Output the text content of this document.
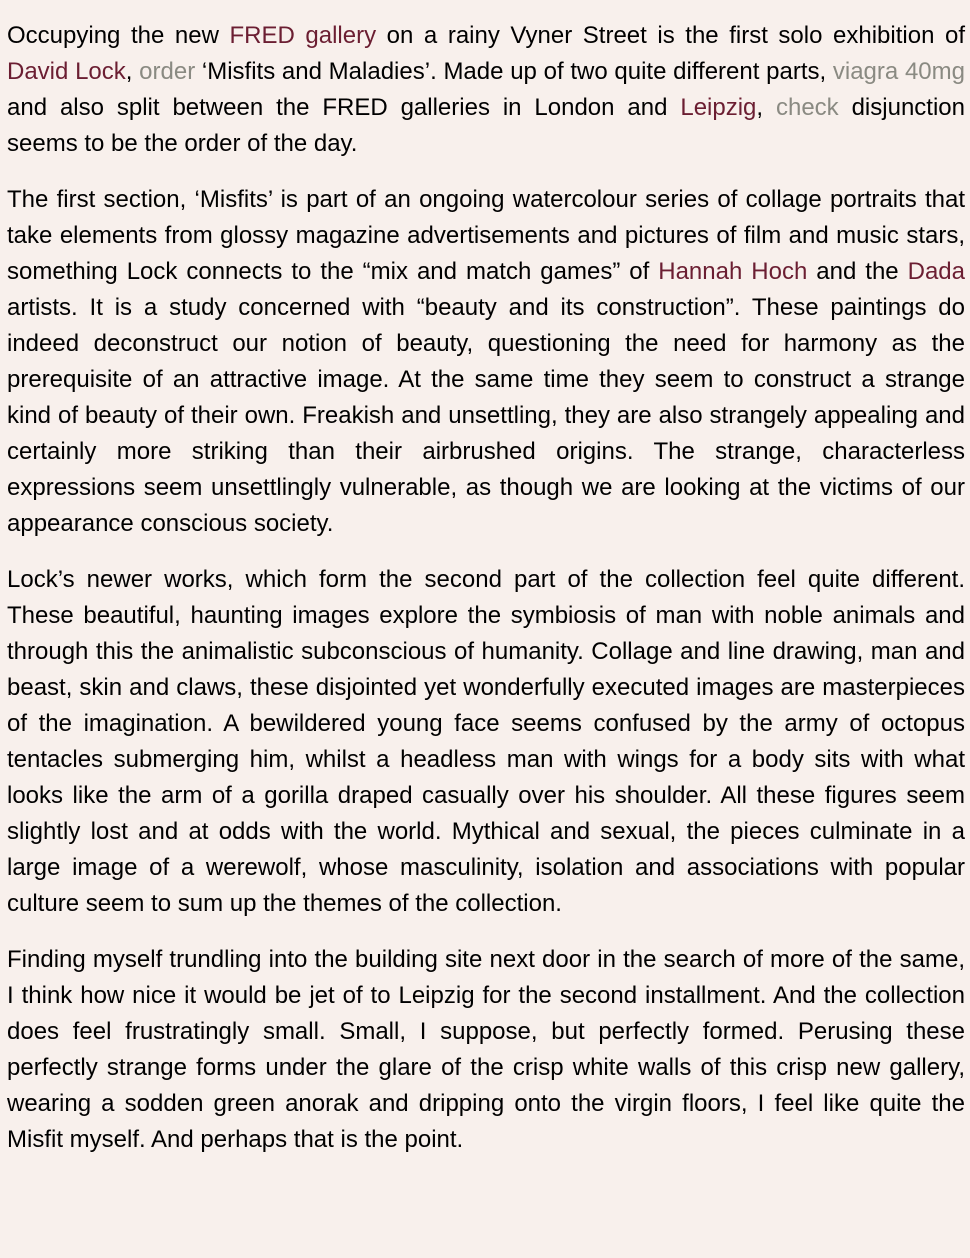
Occupying the new FRED gallery on a rainy Vyner Street is the first solo exhibition of David Lock, order ‘Misfits and Maladies’. Made up of two quite different parts, viagra 40mg and also split between the FRED galleries in London and Leipzig, check disjunction seems to be the order of the day.

The first section, ‘Misfits’ is part of an ongoing watercolour series of collage portraits that take elements from glossy magazine advertisements and pictures of film and music stars, something Lock connects to the “mix and match games” of Hannah Hoch and the Dada artists. It is a study concerned with “beauty and its construction”. These paintings do indeed deconstruct our notion of beauty, questioning the need for harmony as the prerequisite of an attractive image. At the same time they seem to construct a strange kind of beauty of their own. Freakish and unsettling, they are also strangely appealing and certainly more striking than their airbrushed origins. The strange, characterless expressions seem unsettlingly vulnerable, as though we are looking at the victims of our appearance conscious society.

Lock’s newer works, which form the second part of the collection feel quite different. These beautiful, haunting images explore the symbiosis of man with noble animals and through this the animalistic subconscious of humanity. Collage and line drawing, man and beast, skin and claws, these disjointed yet wonderfully executed images are masterpieces of the imagination. A bewildered young face seems confused by the army of octopus tentacles submerging him, whilst a headless man with wings for a body sits with what looks like the arm of a gorilla draped casually over his shoulder. All these figures seem slightly lost and at odds with the world. Mythical and sexual, the pieces culminate in a large image of a werewolf, whose masculinity, isolation and associations with popular culture seem to sum up the themes of the collection.

Finding myself trundling into the building site next door in the search of more of the same, I think how nice it would be jet of to Leipzig for the second installment. And the collection does feel frustratingly small. Small, I suppose, but perfectly formed. Perusing these perfectly strange forms under the glare of the crisp white walls of this crisp new gallery, wearing a sodden green anorak and dripping onto the virgin floors, I feel like quite the Misfit myself. And perhaps that is the point.
